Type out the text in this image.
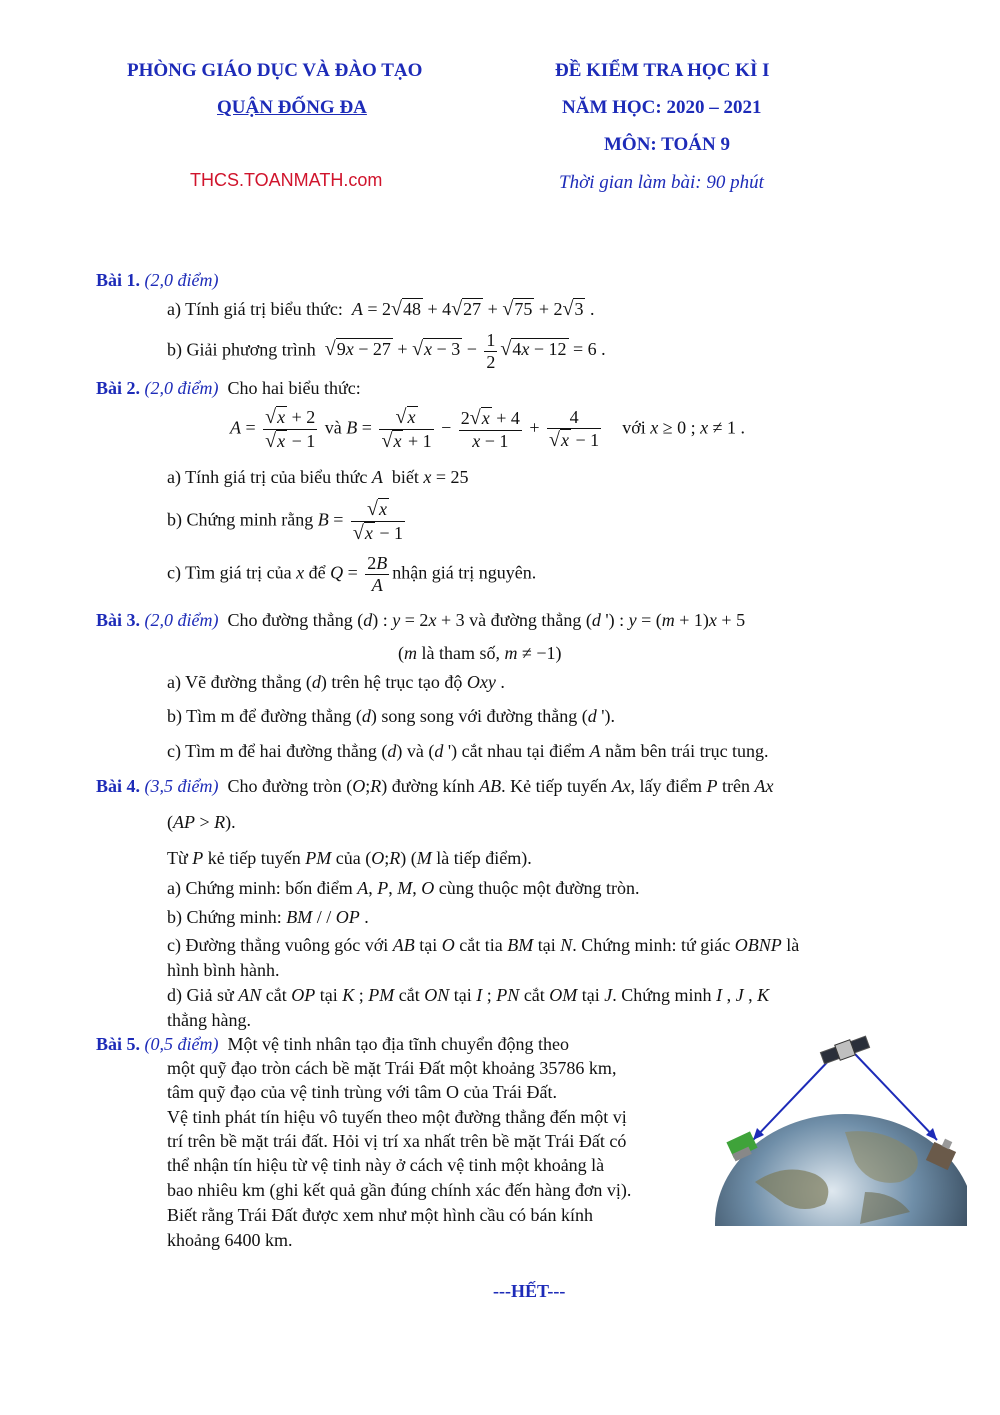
PHÒNG GIÁO DỤC VÀ ĐÀO TẠO
QUẬN ĐỐNG ĐA
THCS.TOANMATH.com
ĐỀ KIỂM TRA HỌC KÌ I
NĂM HỌC: 2020 – 2021
MÔN: TOÁN 9
Thời gian làm bài: 90 phút
Bài 1. (2,0 điểm)
a) Tính giá trị biểu thức: A = 2√48 + 4√27 + √75 + 2√3 .
b) Giải phương trình $√9x - 27 + √x - 3 - \frac{1}{2} √4x - 12 = 6$ .
Bài 2. (2,0 điểm) Cho hai biểu thức:
$A = \frac{√x + 2}{√x - 1}$ và $B = \frac{√x}{√x + 1} - \frac{2√x + 4}{x - 1} + \frac{4}{√x - 1}$ với x ≥ 0 ; x ≠ 1 .
a) Tính giá trị của biểu thức A biết x = 25
b) Chứng minh rằng $B = \frac{√x}{√x - 1}$
c) Tìm giá trị của x để $Q = \frac{2B}{A}$ nhận giá trị nguyên.
Bài 3. (2,0 điểm) Cho đường thẳng (d) : y = 2x + 3 và đường thẳng (d ') : y = (m + 1)x + 5
(m là tham số, m ≠ −1)
a) Vẽ đường thẳng (d) trên hệ trục tạo độ Oxy .
b) Tìm m để đường thẳng (d) song song với đường thẳng (d ').
c) Tìm m để hai đường thẳng (d) và (d ') cắt nhau tại điểm A nằm bên trái trục tung.
Bài 4. (3,5 điểm) Cho đường tròn (O;R) đường kính AB. Kẻ tiếp tuyến Ax, lấy điểm P trên Ax
(AP > R).
Từ P kẻ tiếp tuyến PM của (O;R) (M là tiếp điểm).
a) Chứng minh: bốn điểm A, P, M, O cùng thuộc một đường tròn.
b) Chứng minh: BM / / OP .
c) Đường thẳng vuông góc với AB tại O cắt tia BM tại N. Chứng minh: tứ giác OBNP là
hình bình hành.
d) Giả sử AN cắt OP tại K ; PM cắt ON tại I ; PN cắt OM tại J. Chứng minh I , J , K
thẳng hàng.
Bài 5. (0,5 điểm) Một vệ tinh nhân tạo địa tĩnh chuyển động theo
một quỹ đạo tròn cách bề mặt Trái Đất một khoảng 35786 km,
tâm quỹ đạo của vệ tinh trùng với tâm O của Trái Đất.
Vệ tinh phát tín hiệu vô tuyến theo một đường thẳng đến một vị
trí trên bề mặt trái đất. Hỏi vị trí xa nhất trên bề mặt Trái Đất có
thể nhận tín hiệu từ vệ tinh này ở cách vệ tinh một khoảng là
bao nhiêu km (ghi kết quả gần đúng chính xác đến hàng đơn vị).
Biết rằng Trái Đất được xem như một hình cầu có bán kính
khoảng 6400 km.
---HẾT---
